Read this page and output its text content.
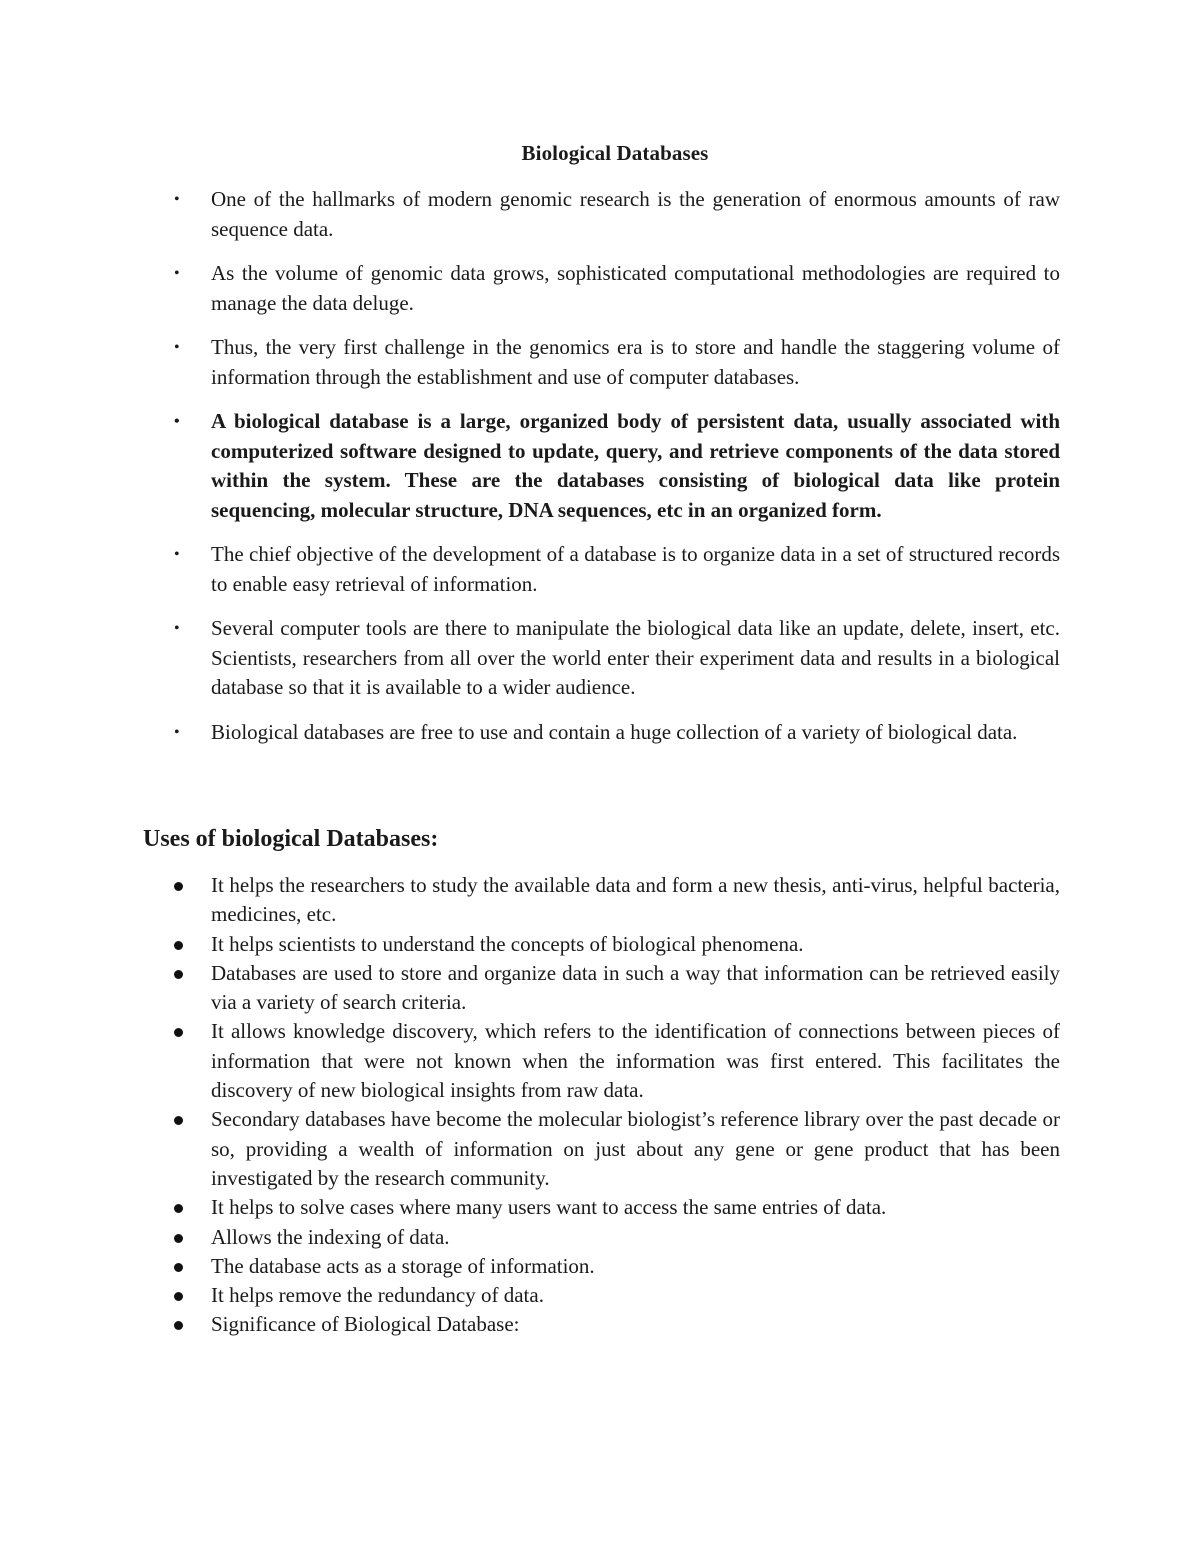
Biological Databases
• One of the hallmarks of modern genomic research is the generation of enormous amounts of raw sequence data.
• As the volume of genomic data grows, sophisticated computational methodologies are required to manage the data deluge.
• Thus, the very first challenge in the genomics era is to store and handle the staggering volume of information through the establishment and use of computer databases.
• A biological database is a large, organized body of persistent data, usually associated with computerized software designed to update, query, and retrieve components of the data stored within the system. These are the databases consisting of biological data like protein sequencing, molecular structure, DNA sequences, etc in an organized form.
• The chief objective of the development of a database is to organize data in a set of structured records to enable easy retrieval of information.
• Several computer tools are there to manipulate the biological data like an update, delete, insert, etc. Scientists, researchers from all over the world enter their experiment data and results in a biological database so that it is available to a wider audience.
• Biological databases are free to use and contain a huge collection of a variety of biological data.
Uses of biological Databases:
It helps the researchers to study the available data and form a new thesis, anti-virus, helpful bacteria, medicines, etc.
It helps scientists to understand the concepts of biological phenomena.
Databases are used to store and organize data in such a way that information can be retrieved easily via a variety of search criteria.
It allows knowledge discovery, which refers to the identification of connections between pieces of information that were not known when the information was first entered. This facilitates the discovery of new biological insights from raw data.
Secondary databases have become the molecular biologist’s reference library over the past decade or so, providing a wealth of information on just about any gene or gene product that has been investigated by the research community.
It helps to solve cases where many users want to access the same entries of data.
Allows the indexing of data.
The database acts as a storage of information.
It helps remove the redundancy of data.
Significance of Biological Database:
